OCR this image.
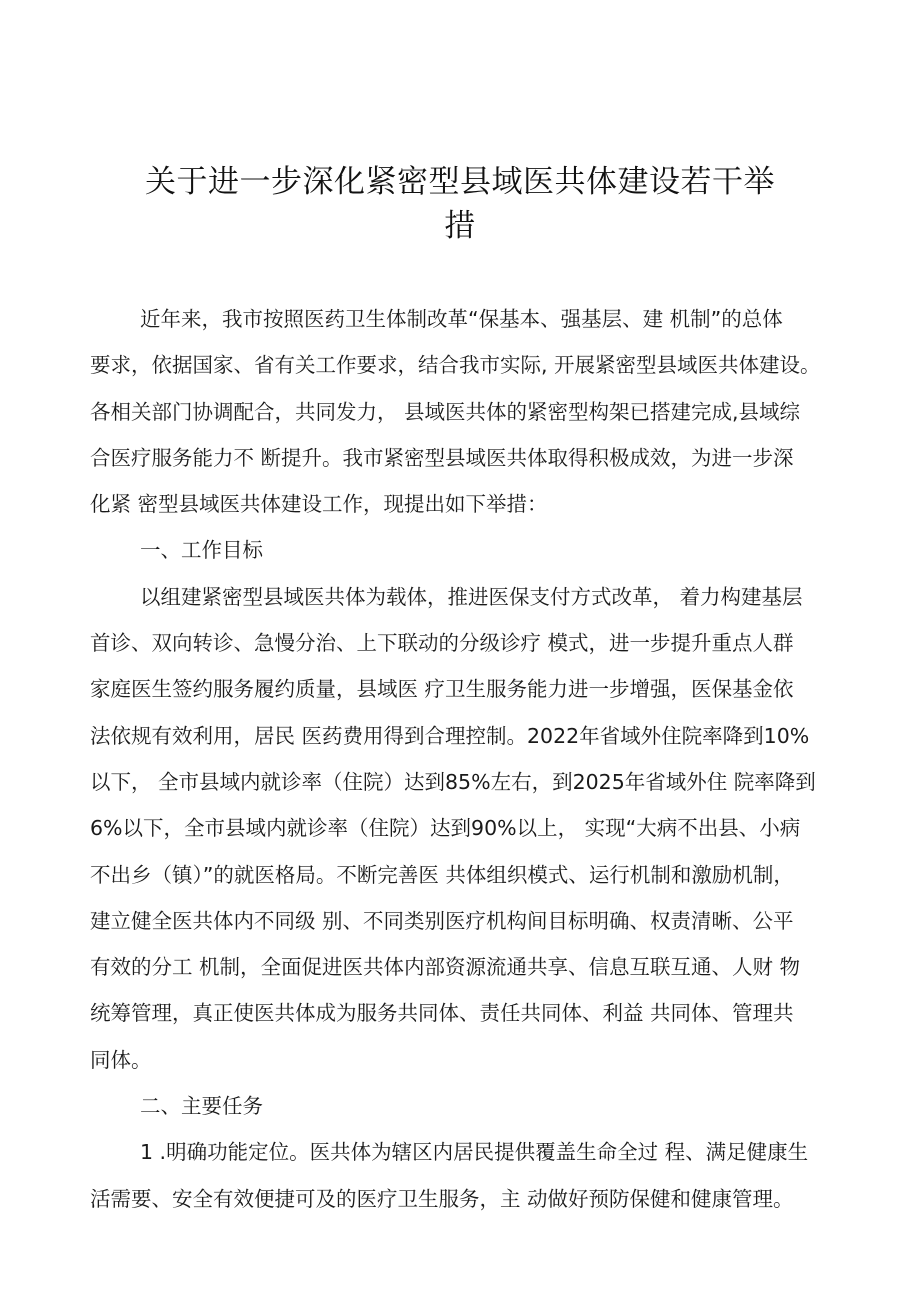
关于进一步深化紧密型县域医共体建设若干举
措
近年来，我市按照医药卫生体制改革“保基本、强基层、建 机制”的总体
要求，依据国家、省有关工作要求，结合我市实际, 开展紧密型县域医共体建设。
各相关部门协调配合，共同发力， 县域医共体的紧密型构架已搭建完成,县域综
合医疗服务能力不 断提升。我市紧密型县域医共体取得积极成效，为进一步深
化紧 密型县域医共体建设工作，现提出如下举措：
一、工作目标
以组建紧密型县域医共体为载体，推进医保支付方式改革， 着力构建基层
首诊、双向转诊、急慢分治、上下联动的分级诊疗 模式，进一步提升重点人群
家庭医生签约服务履约质量，县域医 疗卫生服务能力进一步增强，医保基金依
法依规有效利用，居民 医药费用得到合理控制。2022年省域外住院率降到10%
以下， 全市县域内就诊率（住院）达到85%左右，到2025年省域外住 院率降到
6%以下，全市县域内就诊率（住院）达到90%以上， 实现“大病不出县、小病
不出乡（镇）”的就医格局。不断完善医 共体组织模式、运行机制和激励机制，
建立健全医共体内不同级 别、不同类别医疗机构间目标明确、权责清晰、公平
有效的分工 机制，全面促进医共体内部资源流通共享、信息互联互通、人财 物
统筹管理，真正使医共体成为服务共同体、责任共同体、利益 共同体、管理共
同体。
二、主要任务
1 .明确功能定位。医共体为辖区内居民提供覆盖生命全过 程、满足健康生
活需要、安全有效便捷可及的医疗卫生服务，主 动做好预防保健和健康管理。
